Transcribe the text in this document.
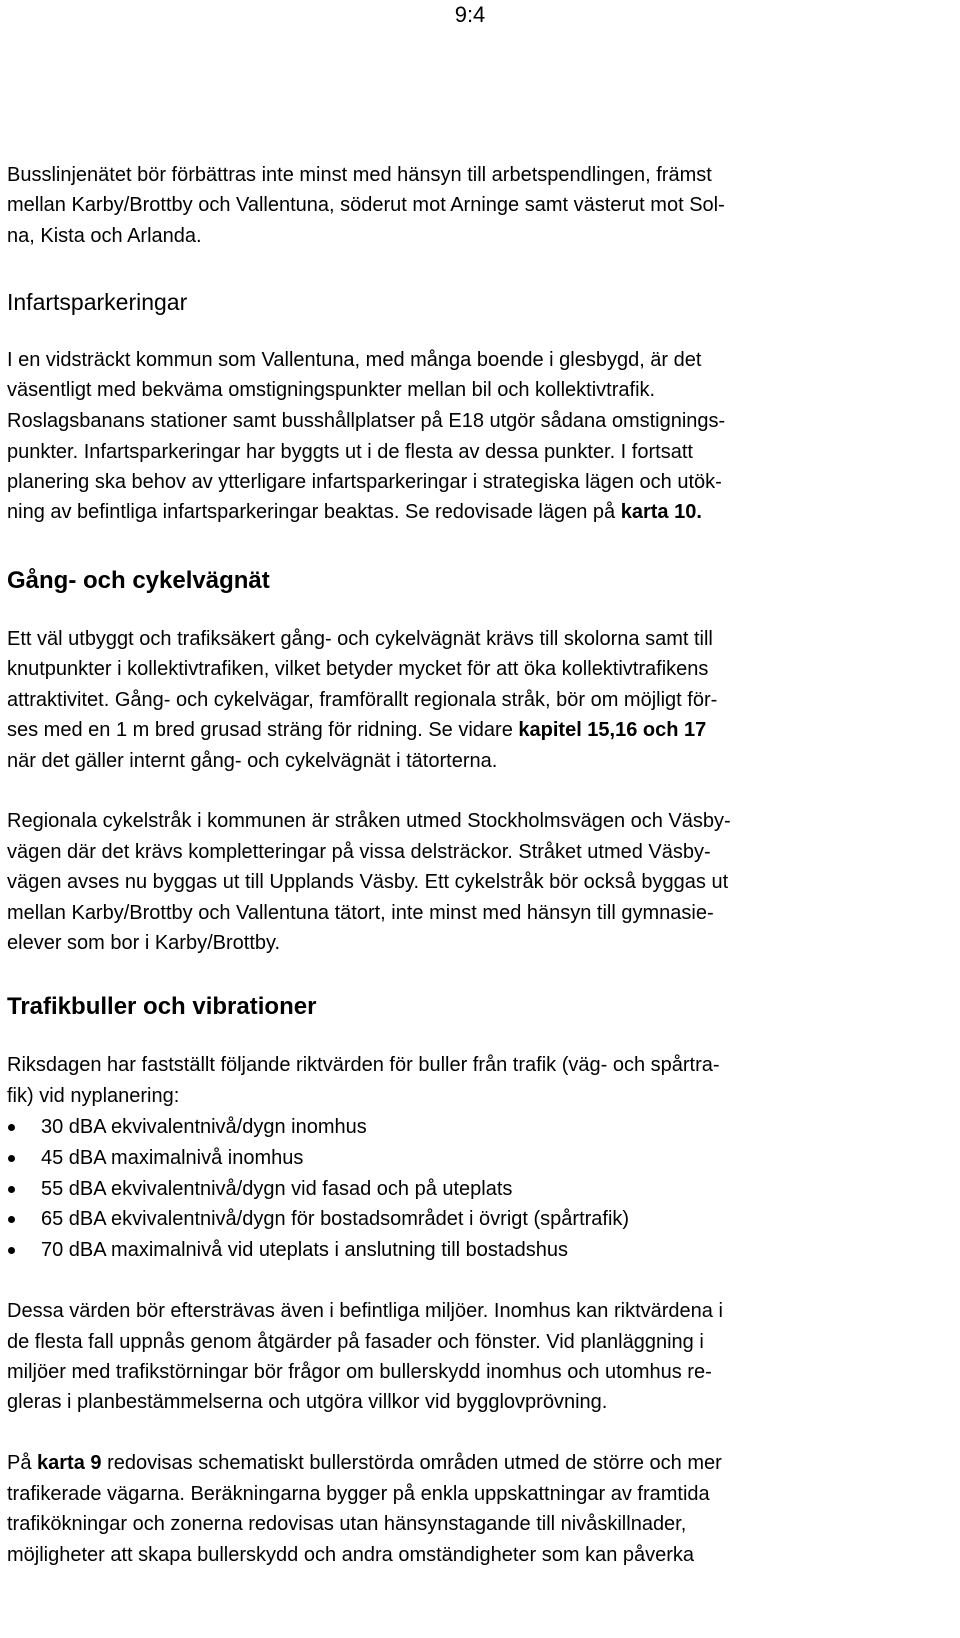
9:4
Busslinjenätet bör förbättras inte minst med hänsyn till arbetspendlingen, främst
mellan Karby/Brottby och Vallentuna, söderut mot Arninge samt västerut mot Sol-
na, Kista och Arlanda.
Infartsparkeringar
I en vidsträckt kommun som Vallentuna, med många boende i glesbygd, är det
väsentligt med bekväma omstigningspunkter mellan bil och kollektivtrafik.
Roslagsbanans stationer samt busshållplatser på E18 utgör sådana omstignings-
punkter. Infartsparkeringar har byggts ut i de flesta av dessa punkter. I fortsatt
planering ska behov av ytterligare infartsparkeringar i strategiska lägen och utök-
ning av befintliga infartsparkeringar beaktas. Se redovisade lägen på karta 10.
Gång- och cykelvägnät
Ett väl utbyggt och trafiksäkert gång- och cykelvägnät krävs till skolorna samt till
knutpunkter i kollektivtrafiken, vilket betyder mycket för att öka kollektivtrafikens
attraktivitet. Gång- och cykelvägar, framförallt regionala stråk, bör om möjligt för-
ses med en 1 m bred grusad sträng för ridning. Se vidare kapitel 15,16 och 17
när det gäller internt gång- och cykelvägnät i tätorterna.
Regionala cykelstråk i kommunen är stråken utmed Stockholmsvägen och Väsby-
vägen där det krävs kompletteringar på vissa delsträckor. Stråket utmed Väsby-
vägen avses nu byggas ut till Upplands Väsby. Ett cykelstråk bör också byggas ut
mellan Karby/Brottby och Vallentuna tätort, inte minst med hänsyn till gymnasie-
elever som bor i Karby/Brottby.
Trafikbuller och vibrationer
Riksdagen har fastställt följande riktvärden för buller från trafik (väg- och spårtra-
fik) vid nyplanering:
30 dBA ekvivalentnivå/dygn inomhus
45 dBA maximalnivå inomhus
55 dBA ekvivalentnivå/dygn vid fasad och på uteplats
65 dBA ekvivalentnivå/dygn för bostadsområdet i övrigt (spårtrafik)
70 dBA maximalnivå vid uteplats i anslutning till bostadshus
Dessa värden bör eftersträvas även i befintliga miljöer. Inomhus kan riktvärdena i
de flesta fall uppnås genom åtgärder på fasader och fönster. Vid planläggning i
miljöer med trafikstörningar bör frågor om bullerskydd inomhus och utomhus re-
gleras i planbestämmelserna och utgöra villkor vid bygglovprövning.
På karta 9 redovisas schematiskt bullerstörda områden utmed de större och mer
trafikerade vägarna. Beräkningarna bygger på enkla uppskattningar av framtida
trafikökningar och zonerna redovisas utan hänsynstagande till nivåskillnader,
möjligheter att skapa bullerskydd och andra omständigheter som kan påverka
